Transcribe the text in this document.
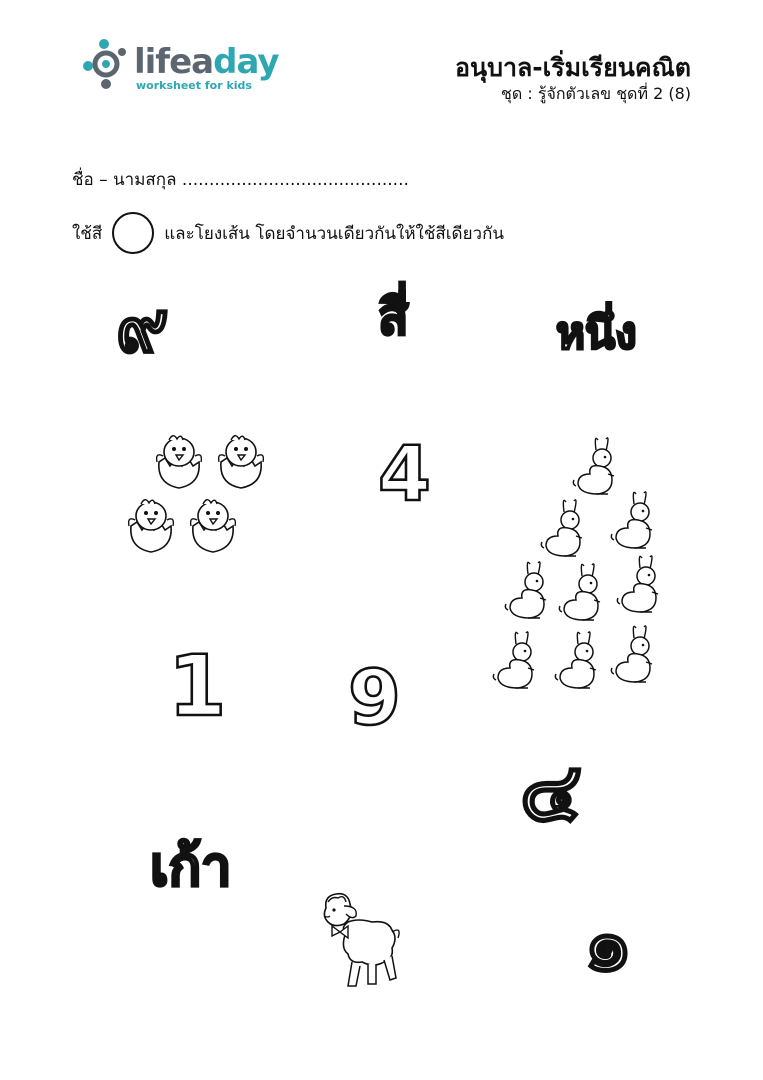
lifeaday
worksheet for kids
อนุบาล-เริ่มเรียนคณิต
ชุด : รู้จักตัวเลข ชุดที่ 2 (8)
ชื่อ – นามสกุล ..........................................
ใช้สี	และโยงเส้น โดยจำนวนเดียวกันให้ใช้สีเดียวกัน
๙	สี่	หนึ่ง
4
1 9
๔
เก้า
๑
